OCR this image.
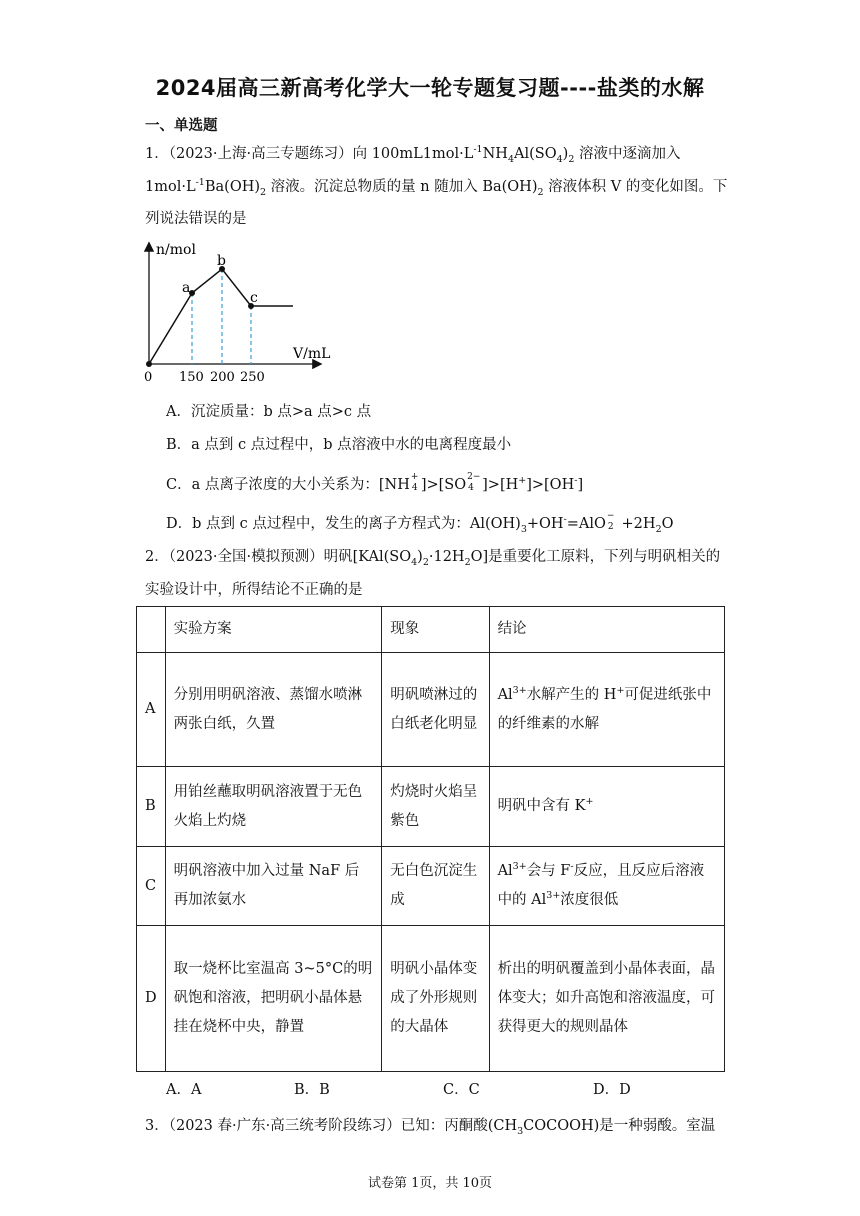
2024届高三新高考化学大一轮专题复习题----盐类的水解
一、单选题
1．（2023·上海·高三专题练习）向 $100mL1mol\cdot L^{-1}NH_4Al(SO_4)_2$ 溶液中逐滴加入
$1mol\cdot L^{-1}Ba(OH)_2$ 溶液。沉淀总物质的量 n 随加入 $Ba(OH)_2$ 溶液体积 V 的变化如图。下
列说法错误的是
n/mol
V/mL
0 150 200 250
a
b
c
A．沉淀质量：b 点>a 点>c 点
B．a 点到 c 点过程中，b 点溶液中水的电离程度最小
C．a 点离子浓度的大小关系为：[NH +
4 ]>[SO 2−
4 ]>[H+]>[OH-]
D．b 点到 c 点过程中，发生的离子方程式为：$Al(OH)_3+OH^-=AlO$ −
$2 +2H_2O$
2．（2023·全国·模拟预测）明矾$[KAl(SO_4)_2\cdot 12H_2O]$是重要化工原料，下列与明矾相关的
实验设计中，所得结论不正确的是
	实验方案	现象	结论
A	分别用明矾溶液、蒸馏水喷淋两张白纸，久置	明矾喷淋过的白纸老化明显	$Al^{3+}$水解产生的 H+可促进纸张中的纤维素的水解
B	用铂丝蘸取明矾溶液置于无色火焰上灼烧	灼烧时火焰呈紫色	明矾中含有 K+
C	明矾溶液中加入过量 NaF 后再加浓氨水	无白色沉淀生成	$Al^{3+}$会与 F-反应，且反应后溶液中的 $Al^{3+}$浓度很低
D	取一烧杯比室温高 3~5°C的明矾饱和溶液，把明矾小晶体悬挂在烧杯中央，静置	明矾小晶体变成了外形规则的大晶体	析出的明矾覆盖到小晶体表面，晶体变大；如升高饱和溶液温度，可获得更大的规则晶体
A．A	B．B	C．C	D．D
3．（2023 春·广东·高三统考阶段练习）已知：丙酮酸$(CH_3COCOOH)$是一种弱酸。室温
试卷第 1页，共 10页
